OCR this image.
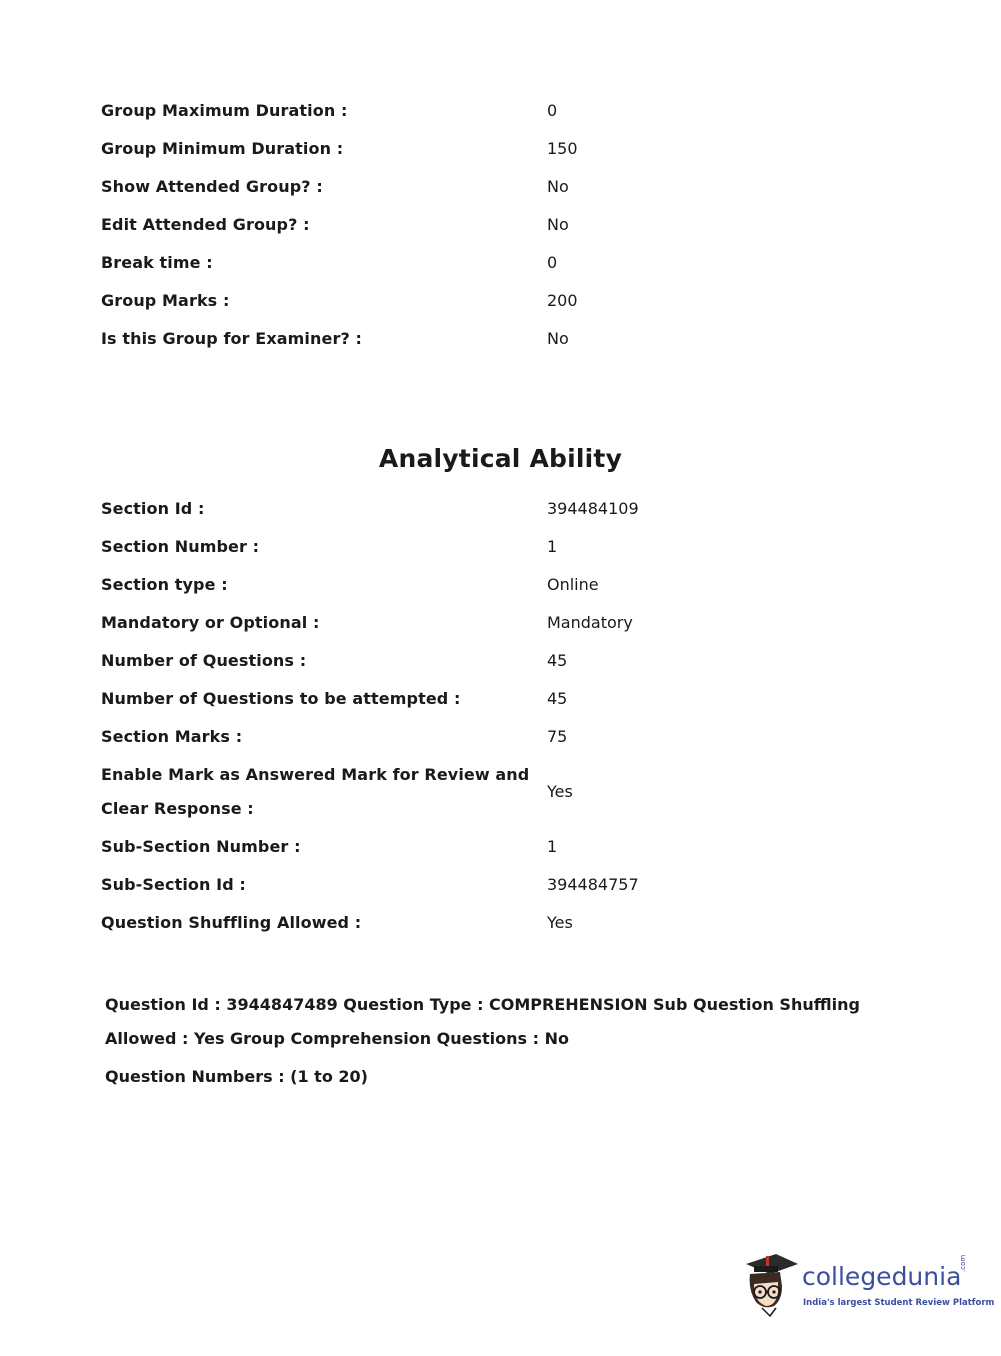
Group Maximum Duration :	0
Group Minimum Duration :	150
Show Attended Group? :	No
Edit Attended Group? :	No
Break time :	0
Group Marks :	200
Is this Group for Examiner? :	No
Analytical Ability
Section Id :	394484109
Section Number :	1
Section type :	Online
Mandatory or Optional :	Mandatory
Number of Questions :	45
Number of Questions to be attempted :	45
Section Marks :	75
Enable Mark as Answered Mark for Review and Clear Response :
Yes
Sub-Section Number :	1
Sub-Section Id :	394484757
Question Shuffling Allowed :	Yes

Question Id : 3944847489 Question Type : COMPREHENSION Sub Question Shuffling Allowed : Yes Group Comprehension Questions : No

Question Numbers : (1 to 20)

collegedunia
.com
India's largest Student Review Platform
